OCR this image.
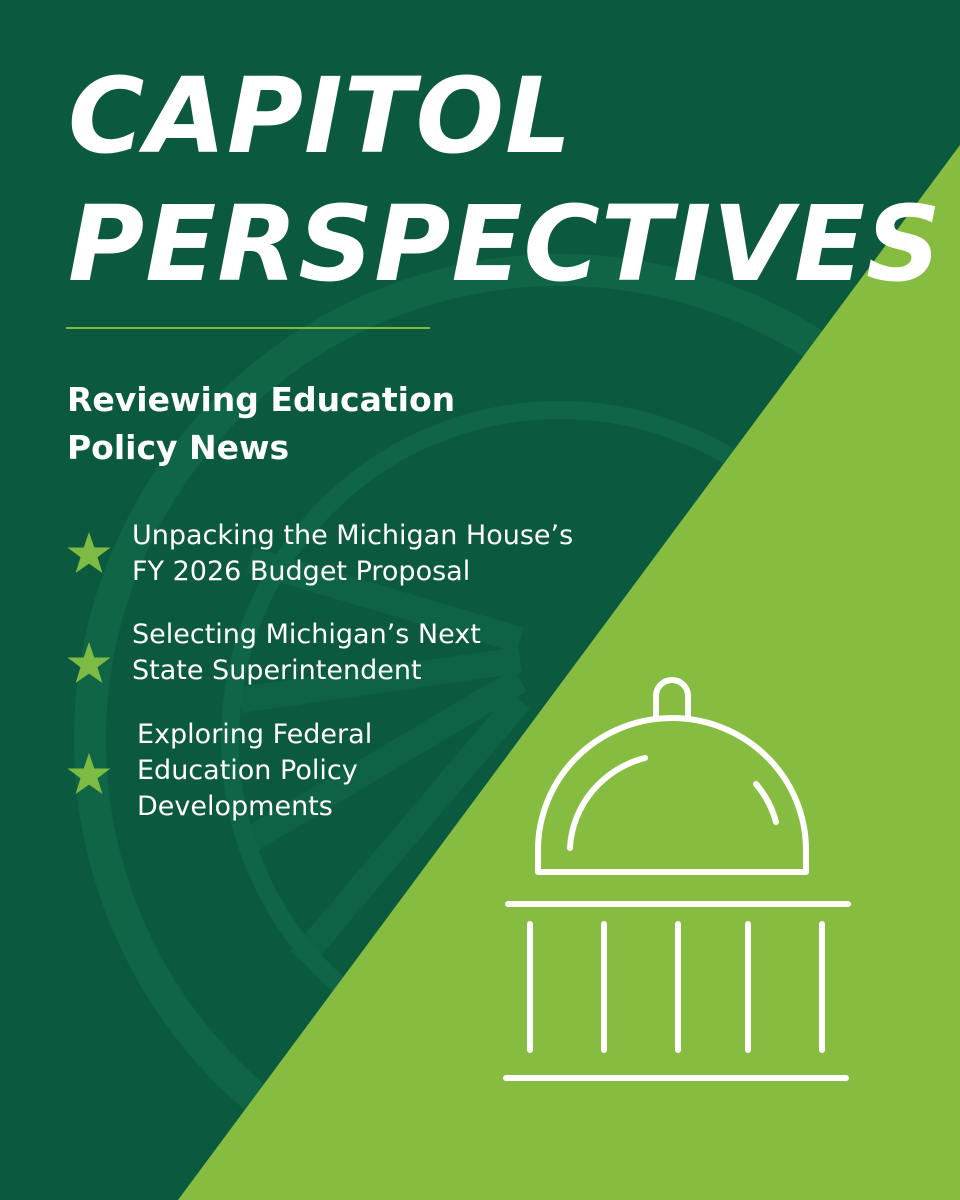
CAPITOL
PERSPECTIVES
Reviewing Education
Policy News
Unpacking the Michigan House’s
FY 2026 Budget Proposal
Selecting Michigan’s Next
State Superintendent
Exploring Federal
Education Policy
Developments
